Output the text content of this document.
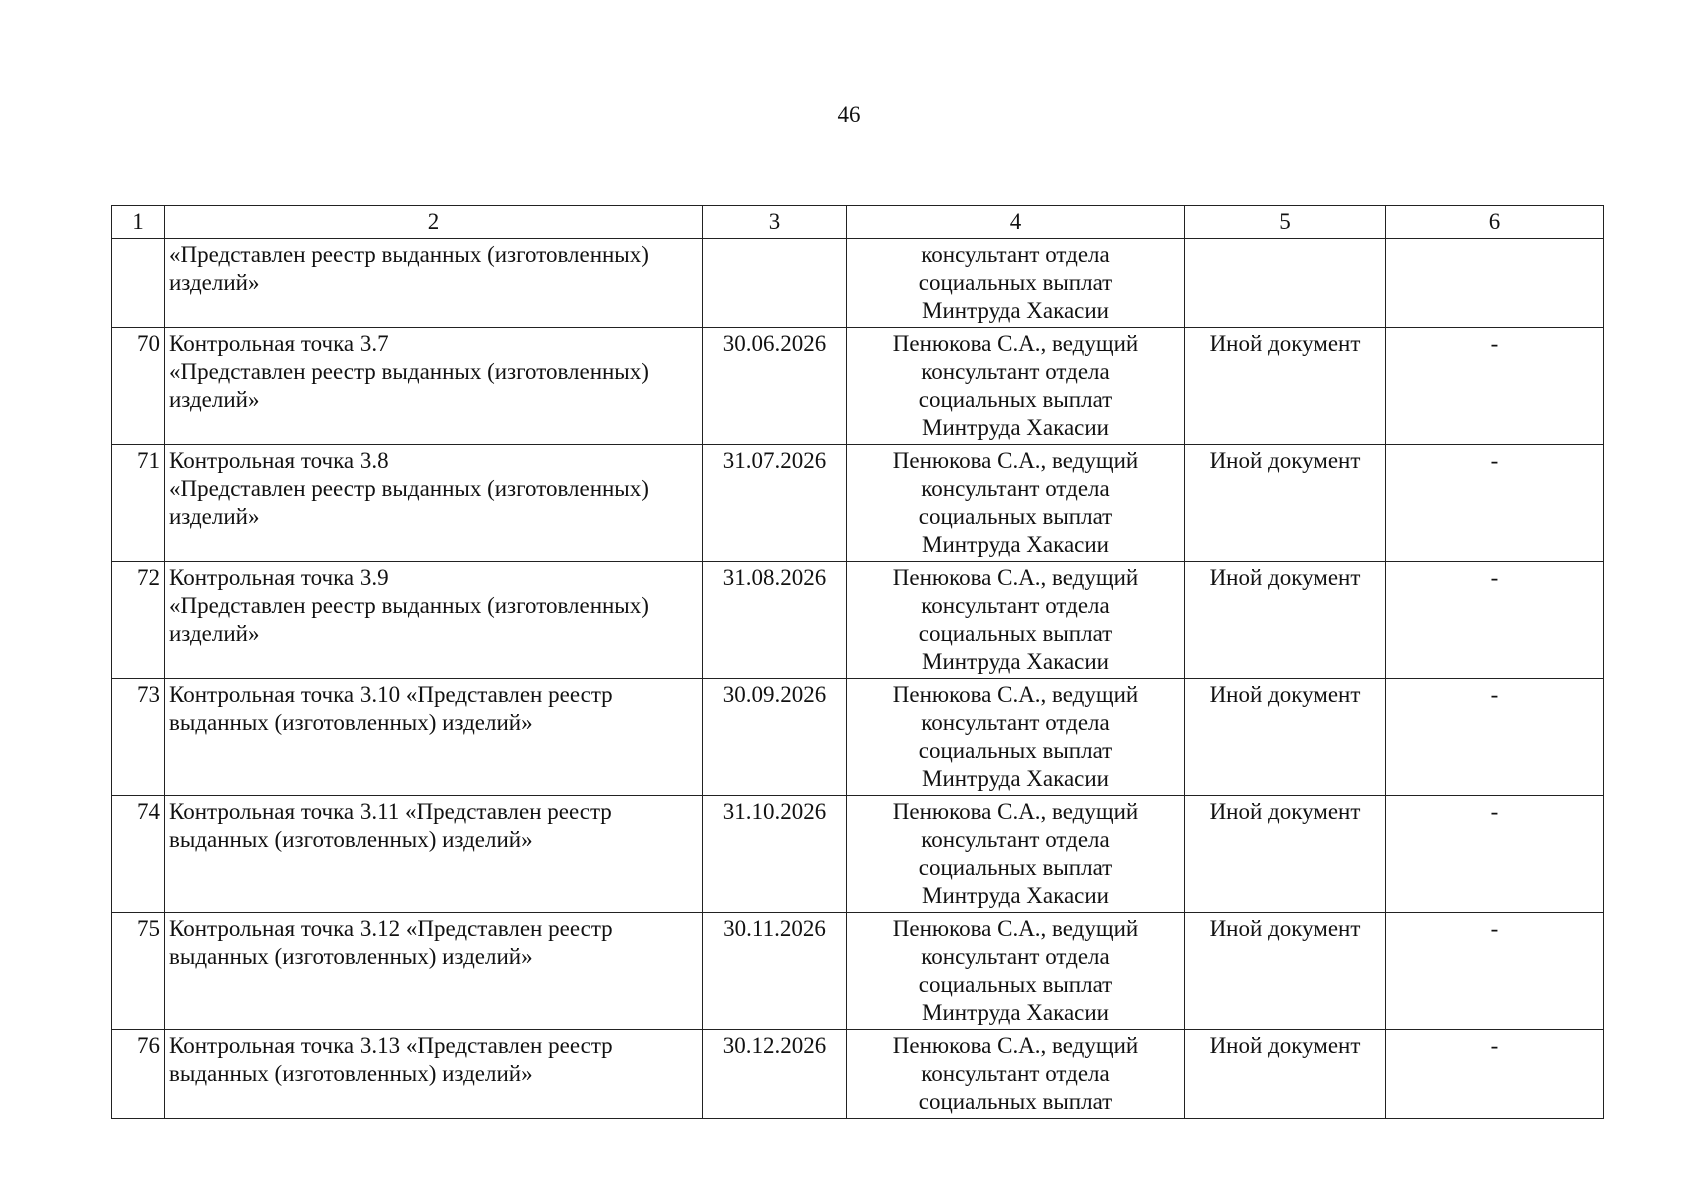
46
1	2	3	4	5	6

	«Представлен реестр выданных (изготовленных)
изделий»		консультант отдела
социальных выплат
Минтруда Хакасии		

70	Контрольная точка 3.7
«Представлен реестр выданных (изготовленных)
изделий»	30.06.2026	Пенюкова С.А., ведущий
консультант отдела
социальных выплат
Минтруда Хакасии	Иной документ	-
71	Контрольная точка 3.8
«Представлен реестр выданных (изготовленных)
изделий»	31.07.2026	Пенюкова С.А., ведущий
консультант отдела
социальных выплат
Минтруда Хакасии	Иной документ	-
72	Контрольная точка 3.9
«Представлен реестр выданных (изготовленных)
изделий»	31.08.2026	Пенюкова С.А., ведущий
консультант отдела
социальных выплат
Минтруда Хакасии	Иной документ	-
73	Контрольная точка 3.10 «Представлен реестр
выданных (изготовленных) изделий»	30.09.2026	Пенюкова С.А., ведущий
консультант отдела
социальных выплат
Минтруда Хакасии	Иной документ	-
74	Контрольная точка 3.11 «Представлен реестр
выданных (изготовленных) изделий»	31.10.2026	Пенюкова С.А., ведущий
консультант отдела
социальных выплат
Минтруда Хакасии	Иной документ	-
75	Контрольная точка 3.12 «Представлен реестр
выданных (изготовленных) изделий»	30.11.2026	Пенюкова С.А., ведущий
консультант отдела
социальных выплат
Минтруда Хакасии	Иной документ	-
76	Контрольная точка 3.13 «Представлен реестр
выданных (изготовленных) изделий»	30.12.2026	Пенюкова С.А., ведущий
консультант отдела
социальных выплат	Иной документ	-
